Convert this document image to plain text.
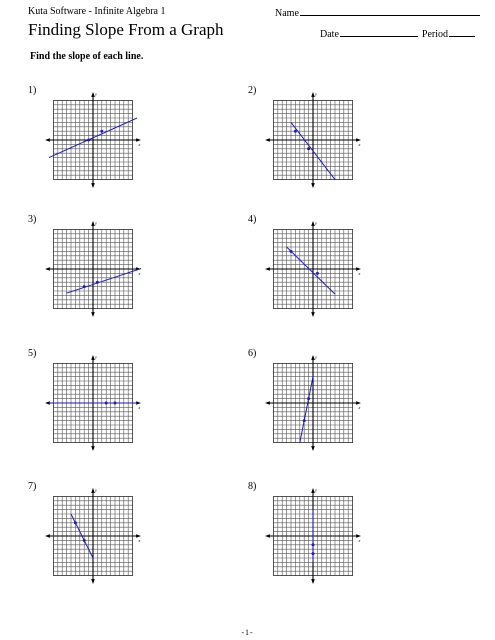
Kuta Software - Infinite Algebra 1	Name
Finding Slope From a Graph	Date	Period
Find the slope of each line.
1)
x
y	2)
x
y
3)
x
y	4)
x
y
5)
x
y	6)
x
y
7)
x
y	8)
x
y
-1-
